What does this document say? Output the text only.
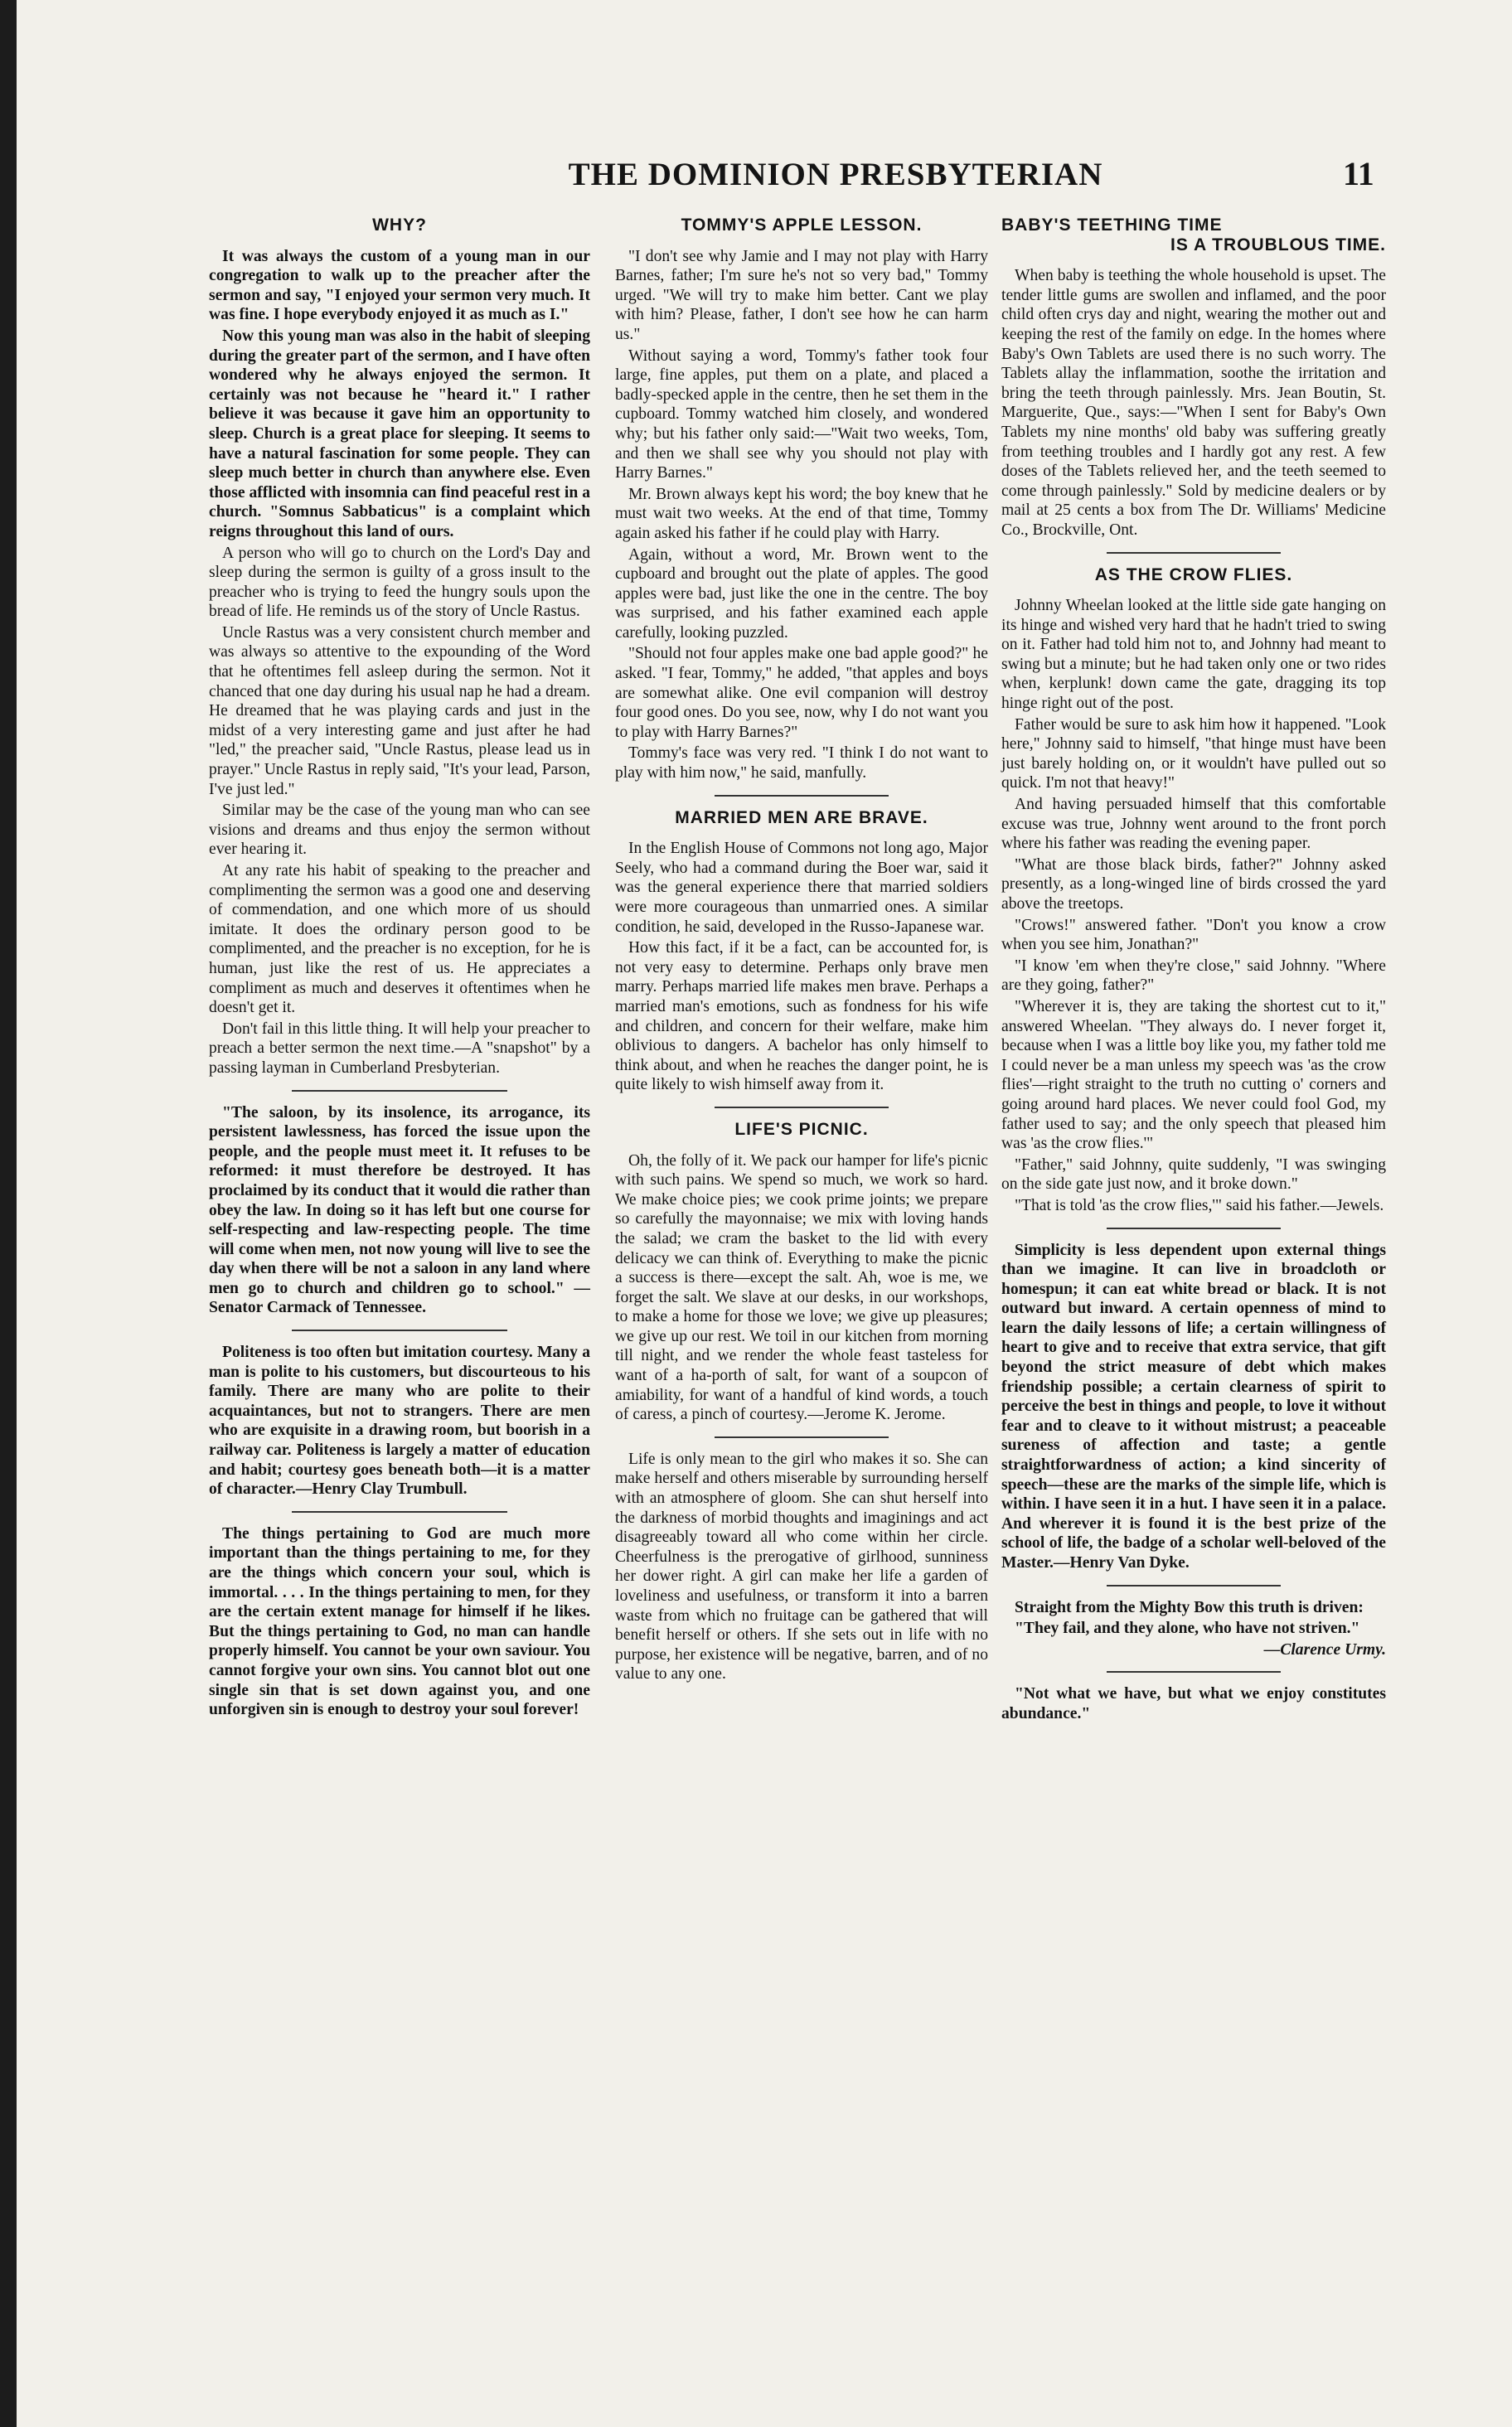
THE DOMINION PRESBYTERIAN	11
WHY?

It was always the custom of a young man in our congregation to walk up to the preacher after the sermon and say, "I enjoyed your sermon very much. It was fine. I hope everybody enjoyed it as much as I."

Now this young man was also in the habit of sleeping during the greater part of the sermon, and I have often wondered why he always enjoyed the sermon. It certainly was not because he "heard it." I rather believe it was because it gave him an opportunity to sleep. Church is a great place for sleeping. It seems to have a natural fascination for some people. They can sleep much better in church than anywhere else. Even those afflicted with insomnia can find peaceful rest in a church. "Somnus Sabbaticus" is a complaint which reigns throughout this land of ours.

A person who will go to church on the Lord's Day and sleep during the sermon is guilty of a gross insult to the preacher who is trying to feed the hungry souls upon the bread of life. He reminds us of the story of Uncle Rastus.

Uncle Rastus was a very consistent church member and was always so attentive to the expounding of the Word that he oftentimes fell asleep during the sermon. Not it chanced that one day during his usual nap he had a dream. He dreamed that he was playing cards and just in the midst of a very interesting game and just after he had "led," the preacher said, "Uncle Rastus, please lead us in prayer." Uncle Rastus in reply said, "It's your lead, Parson, I've just led."

Similar may be the case of the young man who can see visions and dreams and thus enjoy the sermon without ever hearing it.

At any rate his habit of speaking to the preacher and complimenting the sermon was a good one and deserving of commendation, and one which more of us should imitate. It does the ordinary person good to be complimented, and the preacher is no exception, for he is human, just like the rest of us. He appreciates a compliment as much and deserves it oftentimes when he doesn't get it.

Don't fail in this little thing. It will help your preacher to preach a better sermon the next time.—A "snapshot" by a passing layman in Cumberland Presbyterian.

"The saloon, by its insolence, its arrogance, its persistent lawlessness, has forced the issue upon the people, and the people must meet it. It refuses to be reformed: it must therefore be destroyed. It has proclaimed by its conduct that it would die rather than obey the law. In doing so it has left but one course for self-respecting and law-respecting people. The time will come when men, not now young will live to see the day when there will be not a saloon in any land where men go to church and children go to school." — Senator Carmack of Tennessee.

Politeness is too often but imitation courtesy. Many a man is polite to his customers, but discourteous to his family. There are many who are polite to their acquaintances, but not to strangers. There are men who are exquisite in a drawing room, but boorish in a railway car. Politeness is largely a matter of education and habit; courtesy goes beneath both—it is a matter of character.—Henry Clay Trumbull.

The things pertaining to God are much more important than the things pertaining to me, for they are the things which concern your soul, which is immortal. . . . In the things pertaining to men, for they are the certain extent manage for himself if he likes. But the things pertaining to God, no man can handle properly himself. You cannot be your own saviour. You cannot forgive your own sins. You cannot blot out one single sin that is set down against you, and one unforgiven sin is enough to destroy your soul forever!

TOMMY'S APPLE LESSON.

"I don't see why Jamie and I may not play with Harry Barnes, father; I'm sure he's not so very bad," Tommy urged. "We will try to make him better. Cant we play with him? Please, father, I don't see how he can harm us."

Without saying a word, Tommy's father took four large, fine apples, put them on a plate, and placed a badly-specked apple in the centre, then he set them in the cupboard. Tommy watched him closely, and wondered why; but his father only said:—"Wait two weeks, Tom, and then we shall see why you should not play with Harry Barnes."

Mr. Brown always kept his word; the boy knew that he must wait two weeks. At the end of that time, Tommy again asked his father if he could play with Harry.

Again, without a word, Mr. Brown went to the cupboard and brought out the plate of apples. The good apples were bad, just like the one in the centre. The boy was surprised, and his father examined each apple carefully, looking puzzled.

"Should not four apples make one bad apple good?" he asked. "I fear, Tommy," he added, "that apples and boys are somewhat alike. One evil companion will destroy four good ones. Do you see, now, why I do not want you to play with Harry Barnes?"

Tommy's face was very red. "I think I do not want to play with him now," he said, manfully.

MARRIED MEN ARE BRAVE.

In the English House of Commons not long ago, Major Seely, who had a command during the Boer war, said it was the general experience there that married soldiers were more courageous than unmarried ones. A similar condition, he said, developed in the Russo-Japanese war.

How this fact, if it be a fact, can be accounted for, is not very easy to determine. Perhaps only brave men marry. Perhaps married life makes men brave. Perhaps a married man's emotions, such as fondness for his wife and children, and concern for their welfare, make him oblivious to dangers. A bachelor has only himself to think about, and when he reaches the danger point, he is quite likely to wish himself away from it.

LIFE'S PICNIC.

Oh, the folly of it. We pack our hamper for life's picnic with such pains. We spend so much, we work so hard. We make choice pies; we cook prime joints; we prepare so carefully the mayonnaise; we mix with loving hands the salad; we cram the basket to the lid with every delicacy we can think of. Everything to make the picnic a success is there—except the salt. Ah, woe is me, we forget the salt. We slave at our desks, in our workshops, to make a home for those we love; we give up pleasures; we give up our rest. We toil in our kitchen from morning till night, and we render the whole feast tasteless for want of a ha-porth of salt, for want of a soupcon of amiability, for want of a handful of kind words, a touch of caress, a pinch of courtesy.—Jerome K. Jerome.

Life is only mean to the girl who makes it so. She can make herself and others miserable by surrounding herself with an atmosphere of gloom. She can shut herself into the darkness of morbid thoughts and imaginings and act disagreeably toward all who come within her circle. Cheerfulness is the prerogative of girlhood, sunniness her dower right. A girl can make her life a garden of loveliness and usefulness, or transform it into a barren waste from which no fruitage can be gathered that will benefit herself or others. If she sets out in life with no purpose, her existence will be negative, barren, and of no value to any one.

BABY'S TEETHING TIME
IS A TROUBLOUS TIME.

When baby is teething the whole household is upset. The tender little gums are swollen and inflamed, and the poor child often crys day and night, wearing the mother out and keeping the rest of the family on edge. In the homes where Baby's Own Tablets are used there is no such worry. The Tablets allay the inflammation, soothe the irritation and bring the teeth through painlessly. Mrs. Jean Boutin, St. Marguerite, Que., says:—"When I sent for Baby's Own Tablets my nine months' old baby was suffering greatly from teething troubles and I hardly got any rest. A few doses of the Tablets relieved her, and the teeth seemed to come through painlessly." Sold by medicine dealers or by mail at 25 cents a box from The Dr. Williams' Medicine Co., Brockville, Ont.

AS THE CROW FLIES.

Johnny Wheelan looked at the little side gate hanging on its hinge and wished very hard that he hadn't tried to swing on it. Father had told him not to, and Johnny had meant to swing but a minute; but he had taken only one or two rides when, kerplunk! down came the gate, dragging its top hinge right out of the post.

Father would be sure to ask him how it happened. "Look here," Johnny said to himself, "that hinge must have been just barely holding on, or it wouldn't have pulled out so quick. I'm not that heavy!"

And having persuaded himself that this comfortable excuse was true, Johnny went around to the front porch where his father was reading the evening paper.

"What are those black birds, father?" Johnny asked presently, as a long-winged line of birds crossed the yard above the treetops.

"Crows!" answered father. "Don't you know a crow when you see him, Jonathan?"

"I know 'em when they're close," said Johnny. "Where are they going, father?"

"Wherever it is, they are taking the shortest cut to it," answered Wheelan. "They always do. I never forget it, because when I was a little boy like you, my father told me I could never be a man unless my speech was 'as the crow flies'—right straight to the truth no cutting o' corners and going around hard places. We never could fool God, my father used to say; and the only speech that pleased him was 'as the crow flies.'"

"Father," said Johnny, quite suddenly, "I was swinging on the side gate just now, and it broke down."

"That is told 'as the crow flies,'" said his father.—Jewels.

Simplicity is less dependent upon external things than we imagine. It can live in broadcloth or homespun; it can eat white bread or black. It is not outward but inward. A certain openness of mind to learn the daily lessons of life; a certain willingness of heart to give and to receive that extra service, that gift beyond the strict measure of debt which makes friendship possible; a certain clearness of spirit to perceive the best in things and people, to love it without fear and to cleave to it without mistrust; a peaceable sureness of affection and taste; a gentle straightforwardness of action; a kind sincerity of speech—these are the marks of the simple life, which is within. I have seen it in a hut. I have seen it in a palace. And wherever it is found it is the best prize of the school of life, the badge of a scholar well-beloved of the Master.—Henry Van Dyke.

Straight from the Mighty Bow this truth is driven:

"They fail, and they alone, who have not striven."

—Clarence Urmy.

"Not what we have, but what we enjoy constitutes abundance."
